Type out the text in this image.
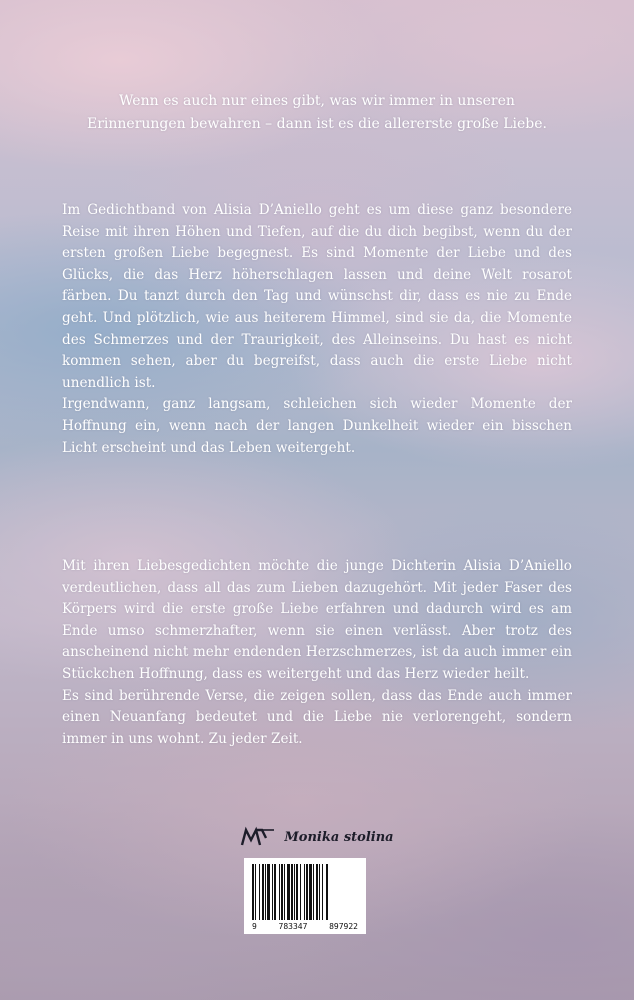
Wenn es auch nur eines gibt, was wir immer in unseren Erinnerungen bewahren – dann ist es die allererste große Liebe.

Im Gedichtband von Alisia D’Aniello geht es um diese ganz besondere Reise mit ihren Höhen und Tiefen, auf die du dich begibst, wenn du der ersten großen Liebe begegnest. Es sind Momente der Liebe und des Glücks, die das Herz höherschlagen lassen und deine Welt rosarot färben. Du tanzt durch den Tag und wünschst dir, dass es nie zu Ende geht. Und plötzlich, wie aus heiterem Himmel, sind sie da, die Momente des Schmerzes und der Traurigkeit, des Alleinseins. Du hast es nicht kommen sehen, aber du begreifst, dass auch die erste Liebe nicht unendlich ist.

Irgendwann, ganz langsam, schleichen sich wieder Momente der Hoffnung ein, wenn nach der langen Dunkelheit wieder ein bisschen Licht erscheint und das Leben weitergeht.

Mit ihren Liebesgedichten möchte die junge Dichterin Alisia D’Aniello verdeutlichen, dass all das zum Lieben dazugehört. Mit jeder Faser des Körpers wird die erste große Liebe erfahren und dadurch wird es am Ende umso schmerzhafter, wenn sie einen verlässt. Aber trotz des anscheinend nicht mehr endenden Herzschmerzes, ist da auch immer ein Stückchen Hoffnung, dass es weitergeht und das Herz wieder heilt.

Es sind berührende Verse, die zeigen sollen, dass das Ende auch immer einen Neuanfang bedeutet und die Liebe nie verlorengeht, sondern immer in uns wohnt. Zu jeder Zeit.

Monika stolina
9	783347	897922
